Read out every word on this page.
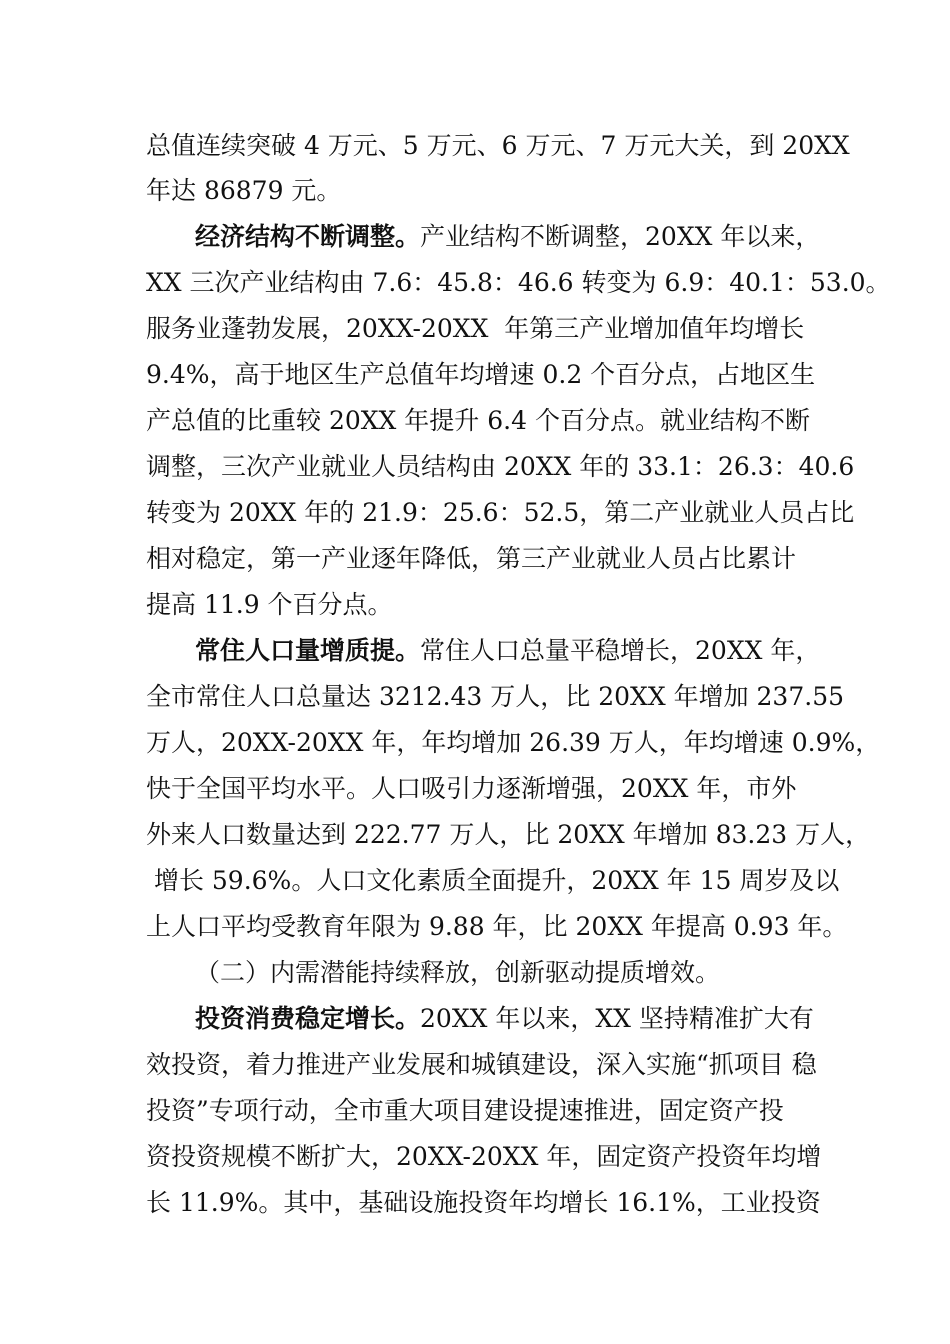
总值连续突破 4 万元、5 万元、6 万元、7 万元大关，到 20XX
年达 86879 元。
经济结构不断调整。产业结构不断调整，20XX 年以来，
XX 三次产业结构由 7.6：45.8：46.6 转变为 6.9：40.1：53.0。
服务业蓬勃发展，20XX-20XX  年第三产业增加值年均增长
9.4%，高于地区生产总值年均增速 0.2 个百分点，占地区生
产总值的比重较 20XX 年提升 6.4 个百分点。就业结构不断
调整，三次产业就业人员结构由 20XX 年的 33.1：26.3：40.6
转变为 20XX 年的 21.9：25.6：52.5，第二产业就业人员占比
相对稳定，第一产业逐年降低，第三产业就业人员占比累计
提高 11.9 个百分点。
常住人口量增质提。常住人口总量平稳增长，20XX 年，
全市常住人口总量达 3212.43 万人，比 20XX 年增加 237.55
万人，20XX-20XX 年，年均增加 26.39 万人，年均增速 0.9%，
快于全国平均水平。人口吸引力逐渐增强，20XX 年，市外
外来人口数量达到 222.77 万人，比 20XX 年增加 83.23 万人，
增长 59.6%。人口文化素质全面提升，20XX 年 15 周岁及以
上人口平均受教育年限为 9.88 年，比 20XX 年提高 0.93 年。
（二）内需潜能持续释放，创新驱动提质增效。
投资消费稳定增长。20XX 年以来，XX 坚持精准扩大有
效投资，着力推进产业发展和城镇建设，深入实施“抓项目 稳
投资”专项行动，全市重大项目建设提速推进，固定资产投
资投资规模不断扩大，20XX-20XX 年，固定资产投资年均增
长 11.9%。其中，基础设施投资年均增长 16.1%，工业投资
